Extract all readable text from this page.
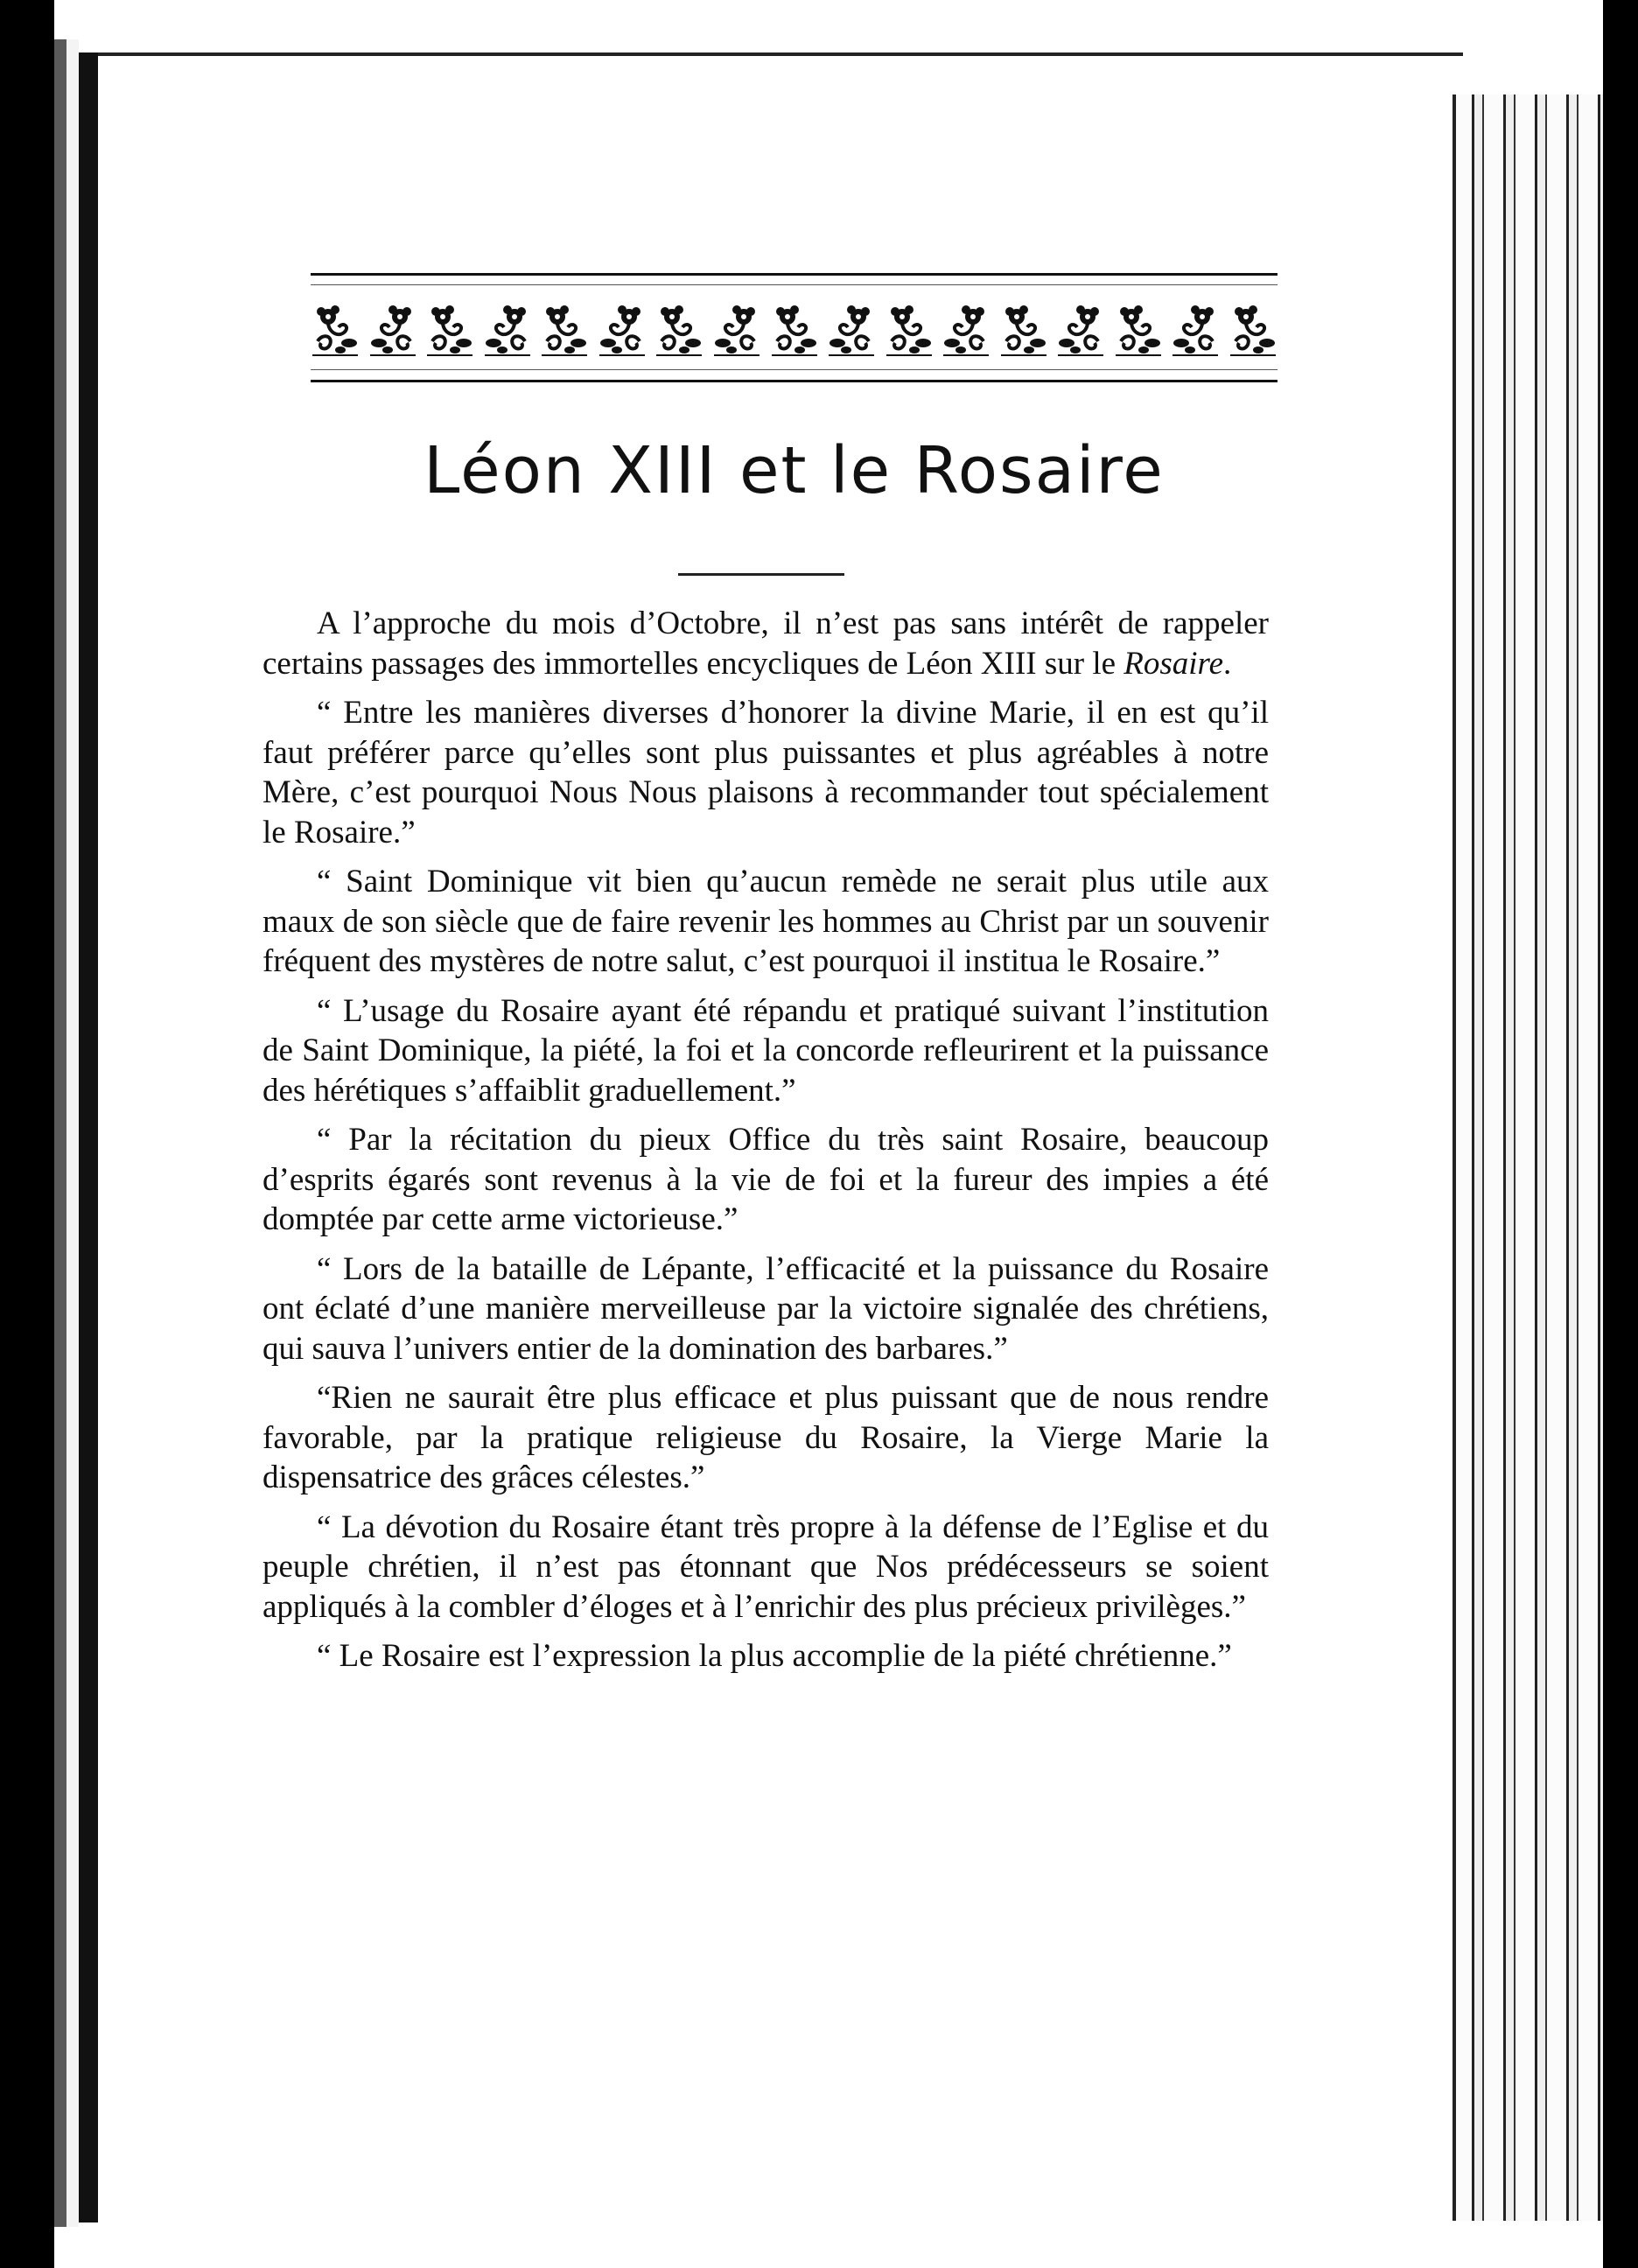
Léon XIII et le Rosaire

A l’approche du mois d’Octobre, il n’est pas sans intérêt de rappeler certains passages des immortelles encycliques de Léon XIII sur le Rosaire.

“ Entre les manières diverses d’honorer la divine Marie, il en est qu’il faut préférer parce qu’elles sont plus puissantes et plus agréables à notre Mère, c’est pourquoi Nous Nous plaisons à recommander tout spécialement le Rosaire.”

“ Saint Dominique vit bien qu’aucun remède ne serait plus utile aux maux de son siècle que de faire revenir les hommes au Christ par un souvenir fréquent des mystères de notre salut, c’est pourquoi il institua le Rosaire.”

“ L’usage du Rosaire ayant été répandu et pratiqué suivant l’institution de Saint Dominique, la piété, la foi et la concorde refleurirent et la puissance des hérétiques s’affaiblit graduellement.”

“ Par la récitation du pieux Office du très saint Rosaire, beaucoup d’esprits égarés sont revenus à la vie de foi et la fureur des impies a été domptée par cette arme victorieuse.”

“ Lors de la bataille de Lépante, l’efficacité et la puissance du Rosaire ont éclaté d’une manière merveilleuse par la victoire signalée des chrétiens, qui sauva l’univers entier de la domination des barbares.”

“Rien ne saurait être plus efficace et plus puissant que de nous rendre favorable, par la pratique religieuse du Rosaire, la Vierge Marie la dispensatrice des grâces célestes.”

“ La dévotion du Rosaire étant très propre à la défense de l’Eglise et du peuple chrétien, il n’est pas étonnant que Nos prédécesseurs se soient appliqués à la combler d’éloges et à l’enrichir des plus précieux privilèges.”

“ Le Rosaire est l’expression la plus accomplie de la piété chrétienne.”
